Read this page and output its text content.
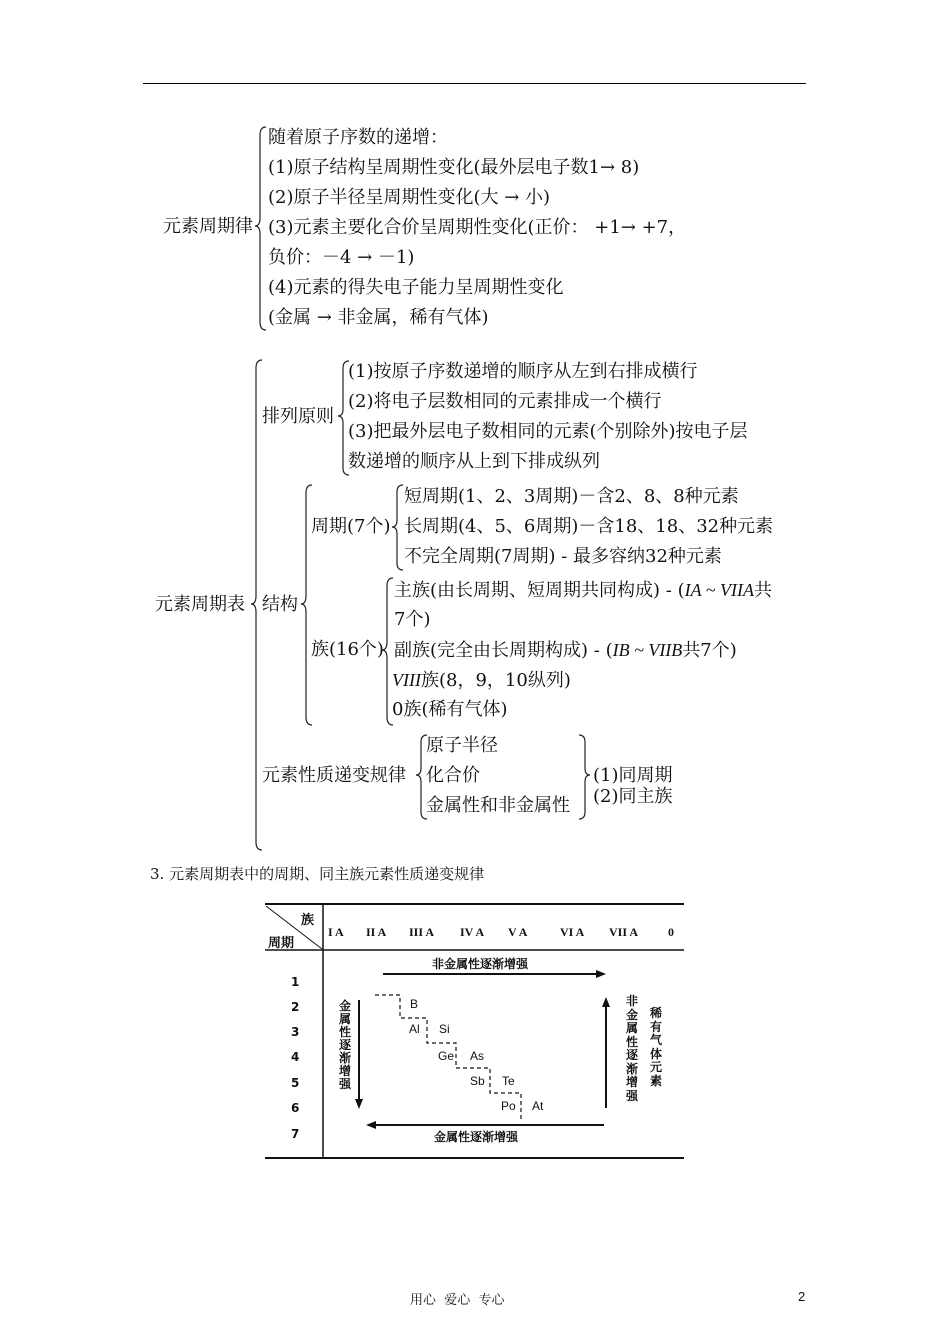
元素周期律
随着原子序数的递增：
(1)原子结构呈周期性变化(最外层电子数1→ 8)
(2)原子半径呈周期性变化(大 → 小)
(3)元素主要化合价呈周期性变化(正价： +1→ +7，
负价：－4 → －1)
(4)元素的得失电子能力呈周期性变化
(金属 → 非金属，稀有气体)
元素周期表
排列原则
(1)按原子序数递增的顺序从左到右排成横行
(2)将电子层数相同的元素排成一个横行
(3)把最外层电子数相同的元素(个别除外)按电子层
数递增的顺序从上到下排成纵列
结构
周期(7个)
短周期(1、2、3周期)－含2、8、8种元素
长周期(4、5、6周期)－含18、18、32种元素
不完全周期(7周期) - 最多容纳32种元素
族(16个)
主族(由长周期、短周期共同构成) - (IA ~ VIIA共
7个)
副族(完全由长周期构成) - (IB ~ VIIB共7个)
VIII族(8，9，10纵列)
0族(稀有气体)
元素性质递变规律
原子半径
化合价
金属性和非金属性
(1)同周期
(2)同主族
3. 元素周期表中的周期、同主族元素性质递变规律
族
周期
I A II A III A IV A V A	VI A VII A 0
1
2
3
4
5
6
7
非金属性逐渐增强
金属性逐渐增强
金属性逐渐增强
非金属性逐渐增强
稀有气体元素
B
Al Si
Ge As
Sb Te
Po At
用心  爱心  专心	2
